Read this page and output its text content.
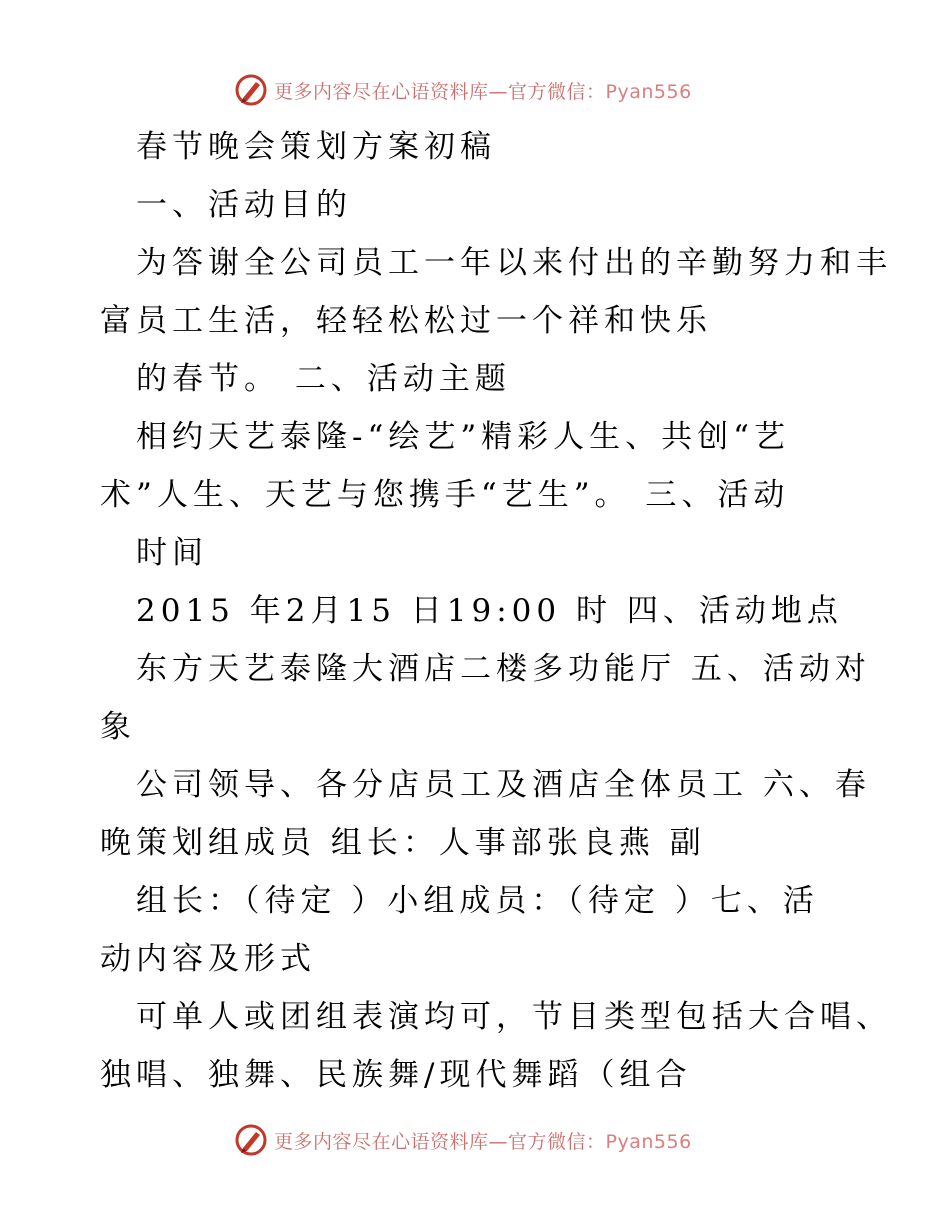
更多内容尽在心语资料库—官方微信：Pyan556
春节晚会策划方案初稿
一、活动目的
为答谢全公司员工一年以来付出的辛勤努力和丰
富员工生活，轻轻松松过一个祥和快乐
的春节。 二、活动主题
相约天艺泰隆-“绘艺”精彩人生、共创“艺
术”人生、天艺与您携手“艺生”。 三、活动
时间
2015 年2月15 日19:00 时 四、活动地点
东方天艺泰隆大酒店二楼多功能厅 五、活动对
象
公司领导、各分店员工及酒店全体员工 六、春
晚策划组成员 组长：人事部张良燕 副
组长：（待定 ）小组成员：（待定 ）七、活
动内容及形式
可单人或团组表演均可，节目类型包括大合唱、
独唱、独舞、民族舞/现代舞蹈（组合
更多内容尽在心语资料库—官方微信：Pyan556
